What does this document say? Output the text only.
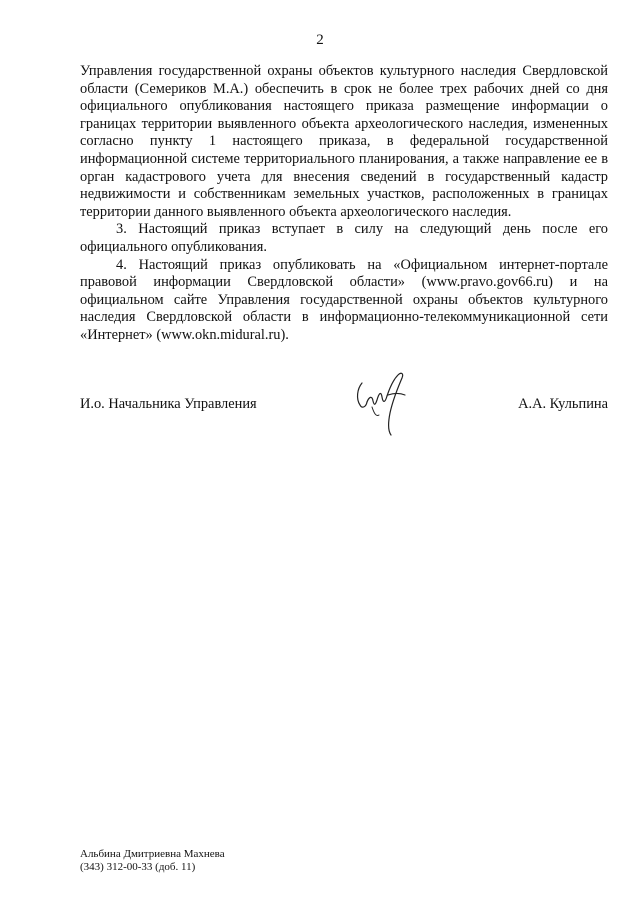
2

Управления государственной охраны объектов культурного наследия Свердловской области (Семериков М.А.) обеспечить в срок не более трех рабочих дней со дня официального опубликования настоящего приказа размещение информации о границах территории выявленного объекта археологического наследия, измененных согласно пункту 1 настоящего приказа, в федеральной государственной информационной системе территориального планирования, а также направление ее в орган кадастрового учета для внесения сведений в государственный кадастр недвижимости и собственникам земельных участков, расположенных в границах территории данного выявленного объекта археологического наследия.

3. Настоящий приказ вступает в силу на следующий день после его официального опубликования.

4. Настоящий приказ опубликовать на «Официальном интернет-портале правовой информации Свердловской области» (www.pravo.gov66.ru) и на официальном сайте Управления государственной охраны объектов культурного наследия Свердловской области в информационно-телекоммуникационной сети «Интернет» (www.okn.midural.ru).

И.о. Начальника Управления	А.А. Кульпина
Альбина Дмитриевна Махнева
(343) 312-00-33 (доб. 11)
